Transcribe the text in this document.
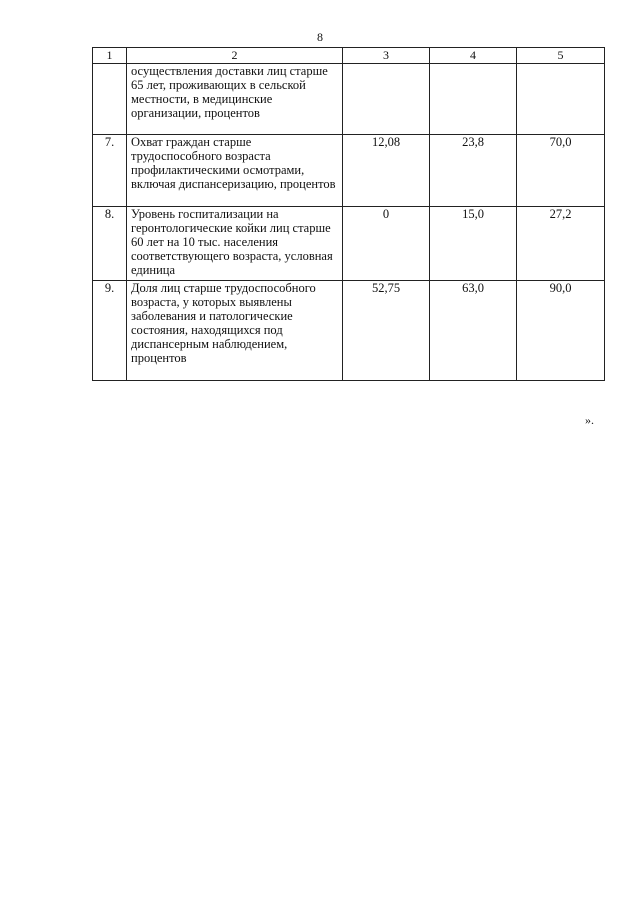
8
1	2	3	4	5
	осуществления доставки лиц старше 65 лет, проживающих в сельской местности, в медицинские организации, процентов			
7.	Охват граждан старше трудоспособного возраста профилактическими осмотрами, включая диспансеризацию, процентов	12,08	23,8	70,0
8.	Уровень госпитализации на геронтологические койки лиц старше 60 лет на 10 тыс. населения соответствующего возраста, условная единица	0	15,0	27,2
9.	Доля лиц старше трудоспособного возраста, у которых выявлены заболевания и патологические состояния, находящихся под диспансерным наблюдением, процентов	52,75	63,0	90,0
».
